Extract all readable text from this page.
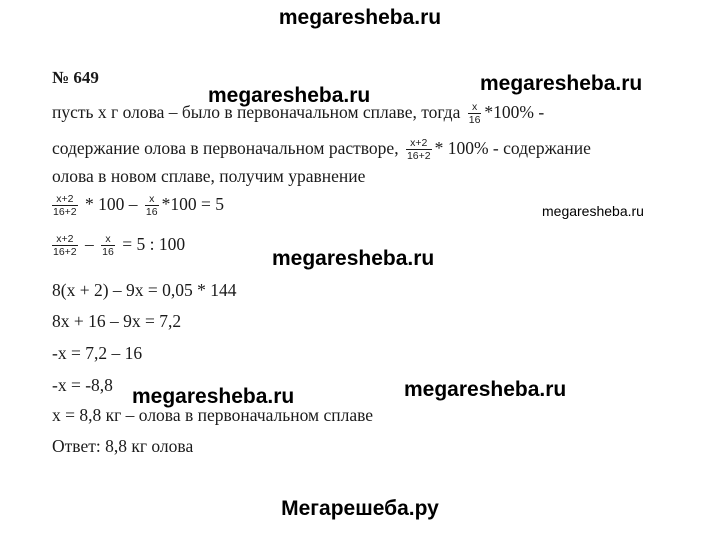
megaresheba.ru
№ 649	megaresheba.ru
пусть х г олова – было в первоначальном сплаве, тогда $\frac{x}{16} *100\%$ -
megaresheba.ru
содержание олова в первоначальном растворе, $\frac{x+2}{16+2} * 100\%$ - содержание
олова в новом сплаве, получим уравнение
$\frac{x+2}{16+2} * 100 - \frac{x}{16} *100 = 5$	megaresheba.ru
$\frac{x+2}{16+2} - \frac{x}{16} = 5$ : 100
megaresheba.ru
8(x + 2) – 9x = 0,05 * 144
8x + 16 – 9x = 7,2
-x = 7,2 – 16
-x = -8,8 megaresheba.ru	megaresheba.ru
x = 8,8 кг – олова в первоначальном сплаве
Ответ: 8,8 кг олова
Мегарешеба.ру
